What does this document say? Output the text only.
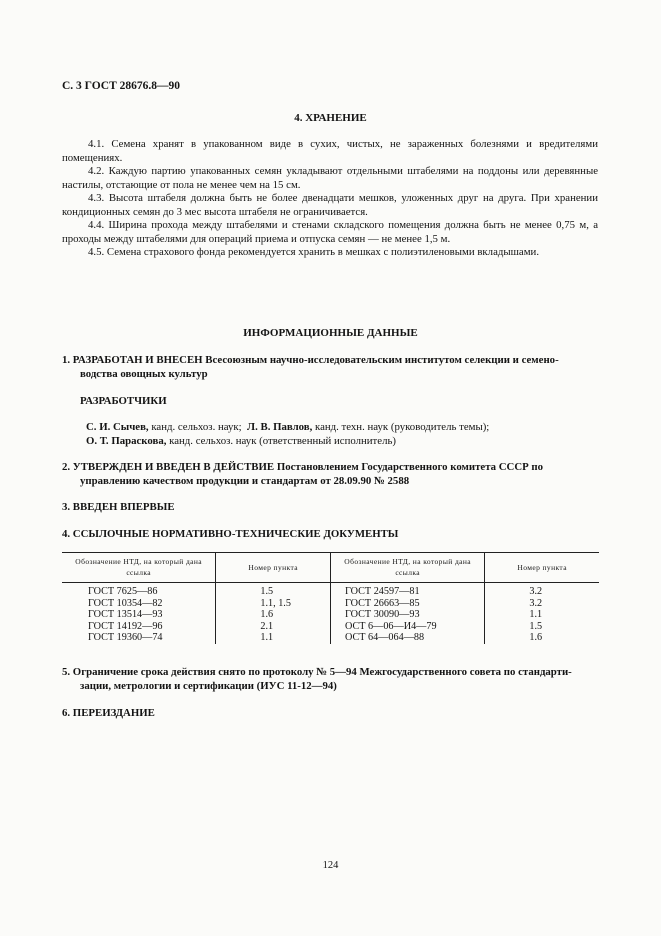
С. 3 ГОСТ 28676.8—90
4. ХРАНЕНИЕ
4.1. Семена хранят в упакованном виде в сухих, чистых, не зараженных болезнями и вредителями помещениях.
4.2. Каждую партию упакованных семян укладывают отдельными штабелями на поддоны или деревянные настилы, отстающие от пола не менее чем на 15 см.
4.3. Высота штабеля должна быть не более двенадцати мешков, уложенных друг на друга. При хранении кондиционных семян до 3 мес высота штабеля не ограничивается.
4.4. Ширина прохода между штабелями и стенами складского помещения должна быть не менее 0,75 м, а проходы между штабелями для операций приема и отпуска семян — не менее 1,5 м.
4.5. Семена страхового фонда рекомендуется хранить в мешках с полиэтиленовыми вкладышами.
ИНФОРМАЦИОННЫЕ ДАННЫЕ
1. РАЗРАБОТАН И ВНЕСЕН Всесоюзным научно-исследовательским институтом селекции и семено-
водства овощных культур
РАЗРАБОТЧИКИ
С. И. Сычев, канд. сельхоз. наук; Л. В. Павлов, канд. техн. наук (руководитель темы);
О. Т. Параскова, канд. сельхоз. наук (ответственный исполнитель)
2. УТВЕРЖДЕН И ВВЕДЕН В ДЕЙСТВИЕ Постановлением Государственного комитета СССР по
управлению качеством продукции и стандартам от 28.09.90 № 2588
3. ВВЕДЕН ВПЕРВЫЕ
4. ССЫЛОЧНЫЕ НОРМАТИВНО-ТЕХНИЧЕСКИЕ ДОКУМЕНТЫ
Обозначение НТД, на который дана ссылка	Номер пункта	Обозначение НТД, на который дана ссылка	Номер пункта
ГОСТ 7625—86	1.5	ГОСТ 24597—81	3.2
ГОСТ 10354—82	1.1, 1.5	ГОСТ 26663—85	3.2
ГОСТ 13514—93	1.6	ГОСТ 30090—93	1.1
ГОСТ 14192—96	2.1	ОСТ 6—06—И4—79	1.5
ГОСТ 19360—74	1.1	ОСТ 64—064—88	1.6
5. Ограничение срока действия снято по протоколу № 5—94 Межгосударственного совета по стандарти-
зации, метрологии и сертификации (ИУС 11-12—94)
6. ПЕРЕИЗДАНИЕ
124
